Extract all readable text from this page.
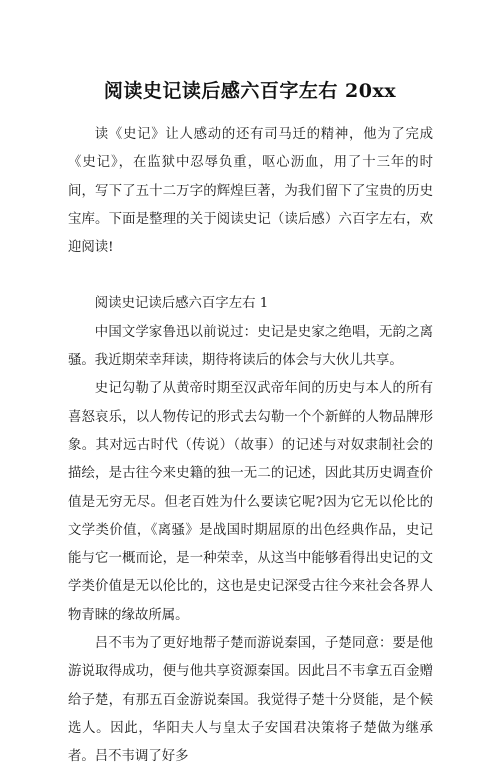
阅读史记读后感六百字左右 20xx

读《史记》让人感动的还有司马迁的精神，他为了完成《史记》，在监狱中忍辱负重，呕心沥血，用了十三年的时间，写下了五十二万字的辉煌巨著，为我们留下了宝贵的历史宝库。下面是整理的关于阅读史记（读后感）六百字左右，欢迎阅读!

阅读史记读后感六百字左右 1

中国文学家鲁迅以前说过：史记是史家之绝唱，无韵之离骚。我近期荣幸拜读，期待将读后的体会与大伙儿共享。

史记勾勒了从黄帝时期至汉武帝年间的历史与本人的所有喜怒哀乐，以人物传记的形式去勾勒一个个新鲜的人物品牌形象。其对远古时代（传说）（故事）的记述与对奴隶制社会的描绘，是古往今来史籍的独一无二的记述，因此其历史调查价值是无穷无尽。但老百姓为什么要读它呢?因为它无以伦比的文学类价值，《离骚》是战国时期屈原的出色经典作品，史记能与它一概而论，是一种荣幸，从这当中能够看得出史记的文学类价值是无以伦比的，这也是史记深受古往今来社会各界人物青睐的缘故所属。

吕不韦为了更好地帮子楚而游说秦国，子楚同意：要是他游说取得成功，便与他共享资源秦国。因此吕不韦拿五百金赠给子楚，有那五百金游说秦国。我觉得子楚十分贤能，是个候选人。因此，华阳夫人与皇太子安国君决策将子楚做为继承者。吕不韦调了好多
